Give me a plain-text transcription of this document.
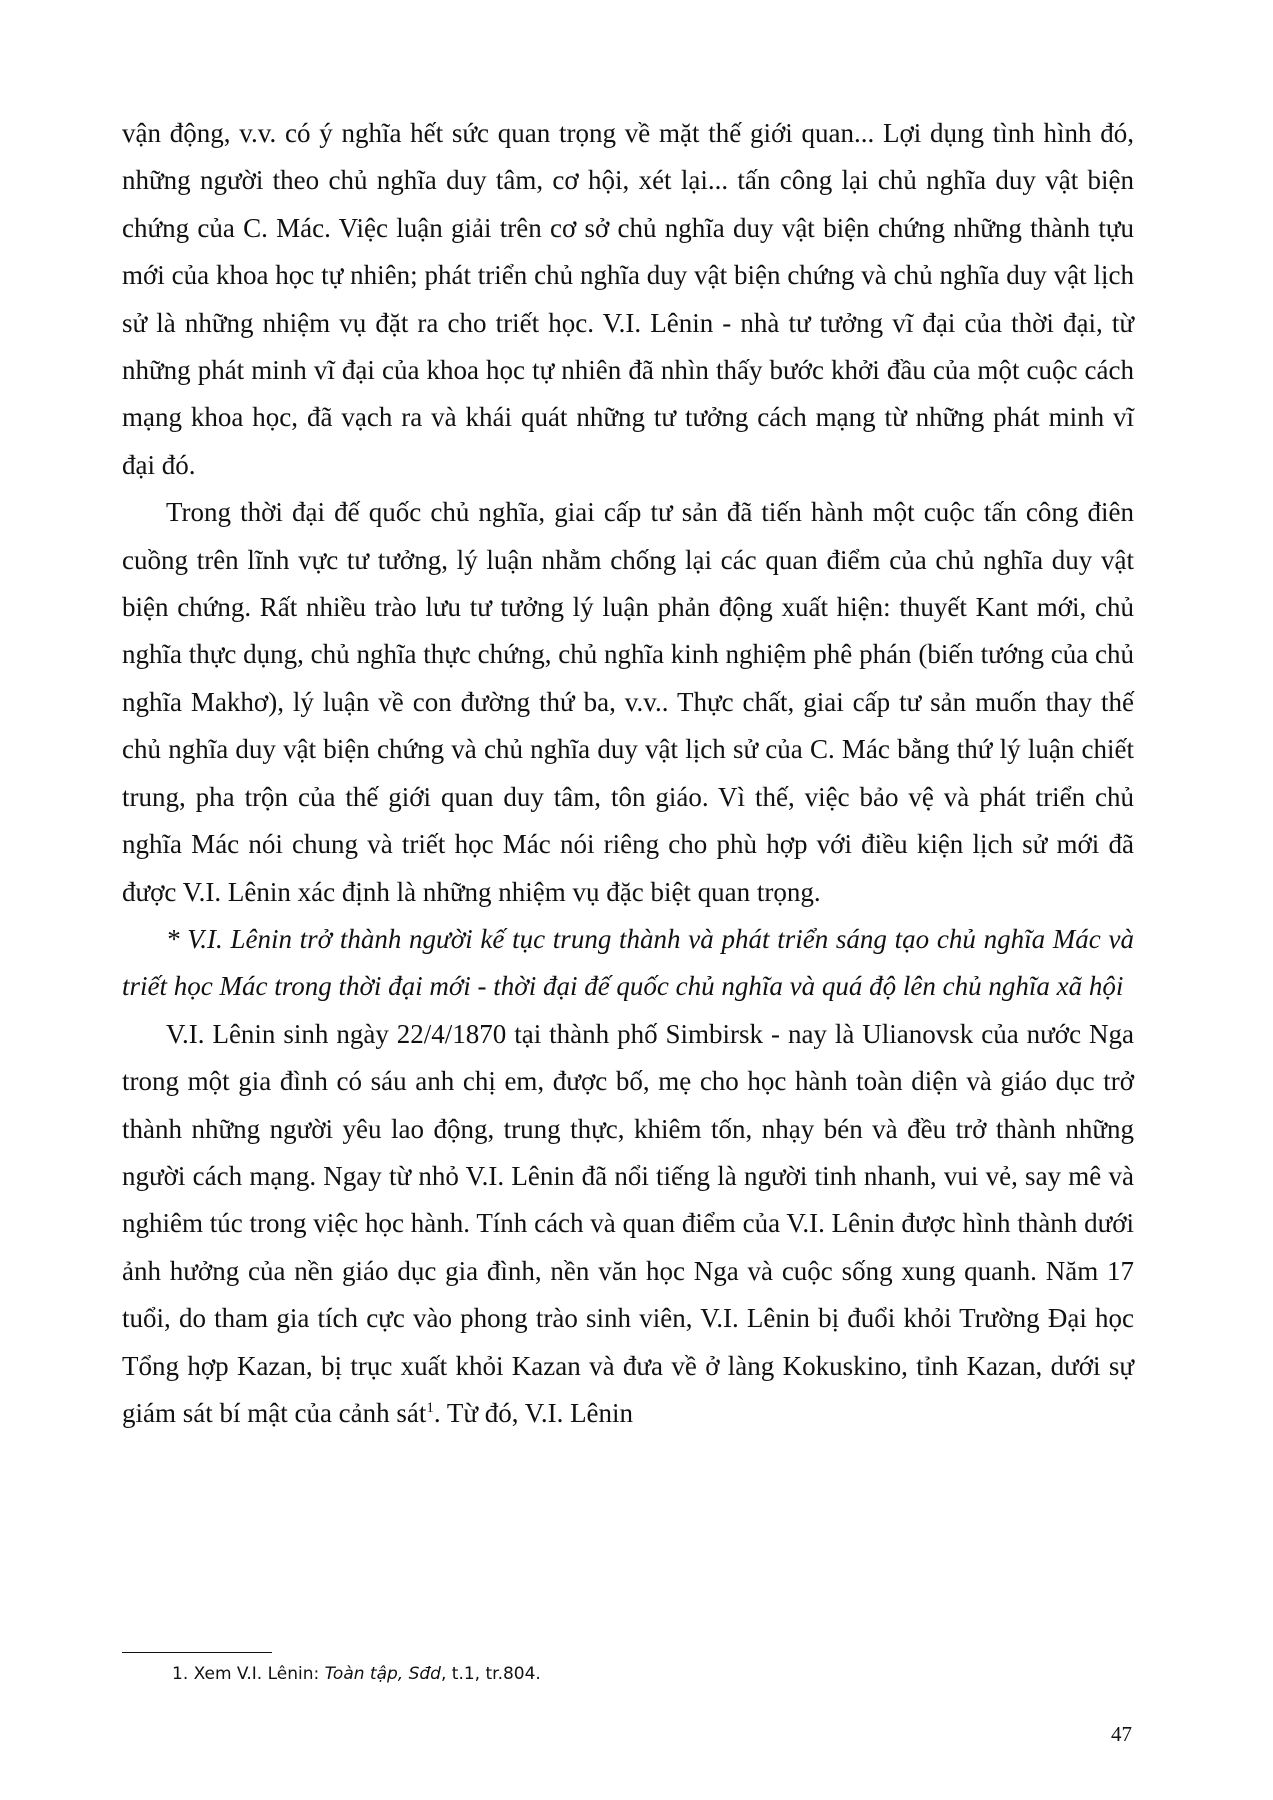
vận động, v.v. có ý nghĩa hết sức quan trọng về mặt thế giới quan... Lợi dụng tình hình đó, những người theo chủ nghĩa duy tâm, cơ hội, xét lại... tấn công lại chủ nghĩa duy vật biện chứng của C. Mác. Việc luận giải trên cơ sở chủ nghĩa duy vật biện chứng những thành tựu mới của khoa học tự nhiên; phát triển chủ nghĩa duy vật biện chứng và chủ nghĩa duy vật lịch sử là những nhiệm vụ đặt ra cho triết học. V.I. Lênin - nhà tư tưởng vĩ đại của thời đại, từ những phát minh vĩ đại của khoa học tự nhiên đã nhìn thấy bước khởi đầu của một cuộc cách mạng khoa học, đã vạch ra và khái quát những tư tưởng cách mạng từ những phát minh vĩ đại đó.

Trong thời đại đế quốc chủ nghĩa, giai cấp tư sản đã tiến hành một cuộc tấn công điên cuồng trên lĩnh vực tư tưởng, lý luận nhằm chống lại các quan điểm của chủ nghĩa duy vật biện chứng. Rất nhiều trào lưu tư tưởng lý luận phản động xuất hiện: thuyết Kant mới, chủ nghĩa thực dụng, chủ nghĩa thực chứng, chủ nghĩa kinh nghiệm phê phán (biến tướng của chủ nghĩa Makhơ), lý luận về con đường thứ ba, v.v.. Thực chất, giai cấp tư sản muốn thay thế chủ nghĩa duy vật biện chứng và chủ nghĩa duy vật lịch sử của C. Mác bằng thứ lý luận chiết trung, pha trộn của thế giới quan duy tâm, tôn giáo. Vì thế, việc bảo vệ và phát triển chủ nghĩa Mác nói chung và triết học Mác nói riêng cho phù hợp với điều kiện lịch sử mới đã được V.I. Lênin xác định là những nhiệm vụ đặc biệt quan trọng.

* V.I. Lênin trở thành người kế tục trung thành và phát triển sáng tạo chủ nghĩa Mác và triết học Mác trong thời đại mới - thời đại đế quốc chủ nghĩa và quá độ lên chủ nghĩa xã hội

V.I. Lênin sinh ngày 22/4/1870 tại thành phố Simbirsk - nay là Ulianovsk của nước Nga trong một gia đình có sáu anh chị em, được bố, mẹ cho học hành toàn diện và giáo dục trở thành những người yêu lao động, trung thực, khiêm tốn, nhạy bén và đều trở thành những người cách mạng. Ngay từ nhỏ V.I. Lênin đã nổi tiếng là người tinh nhanh, vui vẻ, say mê và nghiêm túc trong việc học hành. Tính cách và quan điểm của V.I. Lênin được hình thành dưới ảnh hưởng của nền giáo dục gia đình, nền văn học Nga và cuộc sống xung quanh. Năm 17 tuổi, do tham gia tích cực vào phong trào sinh viên, V.I. Lênin bị đuổi khỏi Trường Đại học Tổng hợp Kazan, bị trục xuất khỏi Kazan và đưa về ở làng Kokuskino, tỉnh Kazan, dưới sự giám sát bí mật của cảnh sát$^1$. Từ đó, V.I. Lênin

1. Xem V.I. Lênin: Toàn tập, Sđd, t.1, tr.804.
47
